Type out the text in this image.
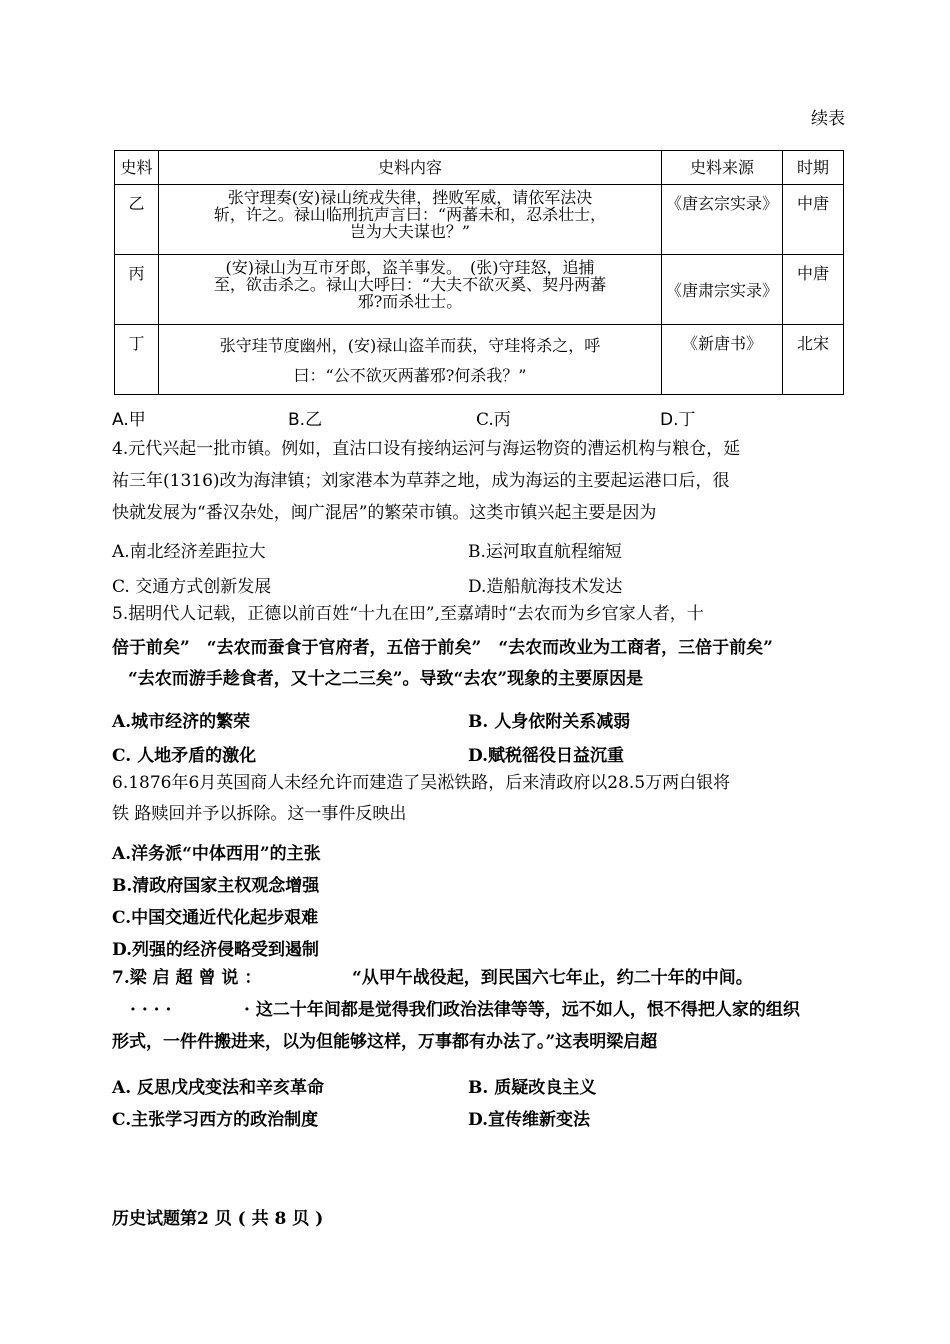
续表
史料	史料内容	史料来源	时期
乙	张守理奏(安)禄山统戎失律，挫败军威，请依军法决
斩，许之。禄山临刑抗声言曰：“两蕃未和，忍杀壮士，
岂为大夫谋也？”	《唐玄宗实录》	中唐
丙	(安)禄山为互市牙郎，盗羊事发。　(张)守珪怒，追捕
至，欲击杀之。禄山大呼曰：“大夫不欲灭奚、契丹两蕃
邪?而杀壮士。	《唐肃宗实录》	中唐
丁	张守珪节度幽州，(安)禄山盗羊而获，守珪将杀之，呼
曰：“公不欲灭两蕃邪?何杀我？”	《新唐书》	北宋
A.甲	B.乙	C.丙	D.丁
4.元代兴起一批市镇。例如，直沽口设有接纳运河与海运物资的漕运机构与粮仓，延
祐三年(1316)改为海津镇；刘家港本为草莽之地，成为海运的主要起运港口后，很
快就发展为“番汉杂处，闽广混居”的繁荣市镇。这类市镇兴起主要是因为
A.南北经济差距拉大	B.运河取直航程缩短
C. 交通方式创新发展	D.造船航海技术发达
5.据明代人记载，正德以前百姓“十九在田”,至嘉靖时“去农而为乡官家人者，十
倍于前矣”　“去农而蚕食于官府者，五倍于前矣”　“去农而改业为工商者，三倍于前矣”
“去农而游手趁食者，又十之二三矣”。导致“去农”现象的主要原因是
A.城市经济的繁荣	B. 人身依附关系减弱
C. 人地矛盾的激化	D.赋税徭役日益沉重
6.1876年6月英国商人未经允许而建造了吴淞铁路，后来清政府以28.5万两白银将
铁 路赎回并予以拆除。这一事件反映出
A.洋务派“中体西用”的主张
B.清政府国家主权观念增强
C.中国交通近代化起步艰难
D.列强的经济侵略受到遏制
7.梁 启 超 曾 说 ：	“从甲午战役起，到民国六七年止，约二十年的中间。
· · · ·	· 这二十年间都是觉得我们政治法律等等，远不如人，恨不得把人家的组织
形式，一件件搬进来，以为但能够这样，万事都有办法了。”这表明梁启超
A. 反思戊戌变法和辛亥革命	B. 质疑改良主义
C.主张学习西方的政治制度	D.宣传维新变法
历史试题第2 贝 ( 共 8 贝 )
